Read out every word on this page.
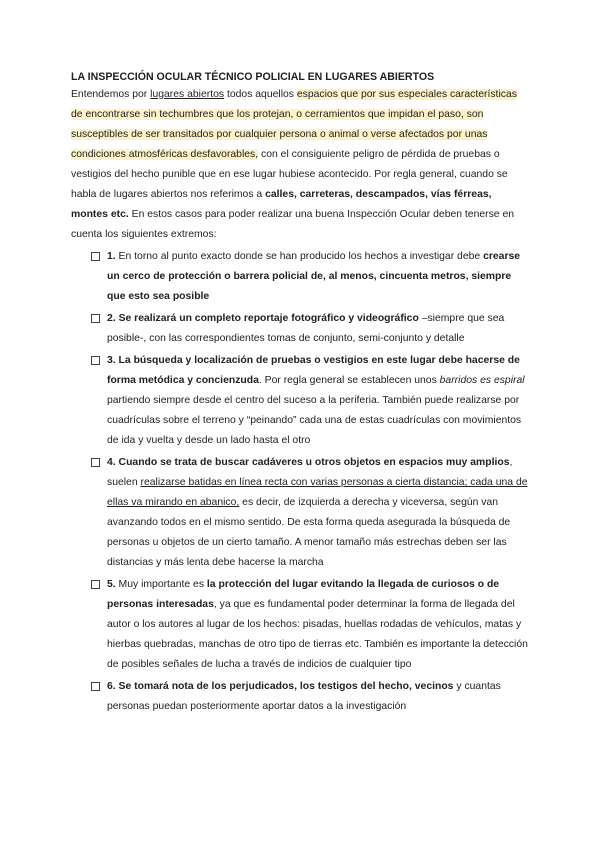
LA INSPECCIÓN OCULAR TÉCNICO POLICIAL EN LUGARES ABIERTOS

Entendemos por lugares abiertos todos aquellos espacios que por sus especiales características de encontrarse sin techumbres que los protejan, o cerramientos que impidan el paso, son susceptibles de ser transitados por cualquier persona o animal o verse afectados por unas condiciones atmosféricas desfavorables, con el consiguiente peligro de pérdida de pruebas o vestigios del hecho punible que en ese lugar hubiese acontecido. Por regla general, cuando se habla de lugares abiertos nos referimos a calles, carreteras, descampados, vías férreas, montes etc. En estos casos para poder realizar una buena Inspección Ocular deben tenerse en cuenta los siguientes extremos:

1. En torno al punto exacto donde se han producido los hechos a investigar debe crearse un cerco de protección o barrera policial de, al menos, cincuenta metros, siempre que esto sea posible
2. Se realizará un completo reportaje fotográfico y videográfico –siempre que sea posible-, con las correspondientes tomas de conjunto, semi-conjunto y detalle
3. La búsqueda y localización de pruebas o vestigios en este lugar debe hacerse de forma metódica y concienzuda. Por regla general se establecen unos barridos es espiral partiendo siempre desde el centro del suceso a la periferia. También puede realizarse por cuadrículas sobre el terreno y “peinando” cada una de estas cuadrículas con movimientos de ida y vuelta y desde un lado hasta el otro
4. Cuando se trata de buscar cadáveres u otros objetos en espacios muy amplios, suelen realizarse batidas en línea recta con varias personas a cierta distancia; cada una de ellas va mirando en abanico, es decir, de izquierda a derecha y viceversa, según van avanzando todos en el mismo sentido. De esta forma queda asegurada la búsqueda de personas u objetos de un cierto tamaño. A menor tamaño más estrechas deben ser las distancias y más lenta debe hacerse la marcha
5. Muy importante es la protección del lugar evitando la llegada de curiosos o de personas interesadas, ya que es fundamental poder determinar la forma de llegada del autor o los autores al lugar de los hechos: pisadas, huellas rodadas de vehículos, matas y hierbas quebradas, manchas de otro tipo de tierras etc. También es importante la detección de posibles señales de lucha a través de indicios de cualquier tipo
6. Se tomará nota de los perjudicados, los testigos del hecho, vecinos y cuantas personas puedan posteriormente aportar datos a la investigación
